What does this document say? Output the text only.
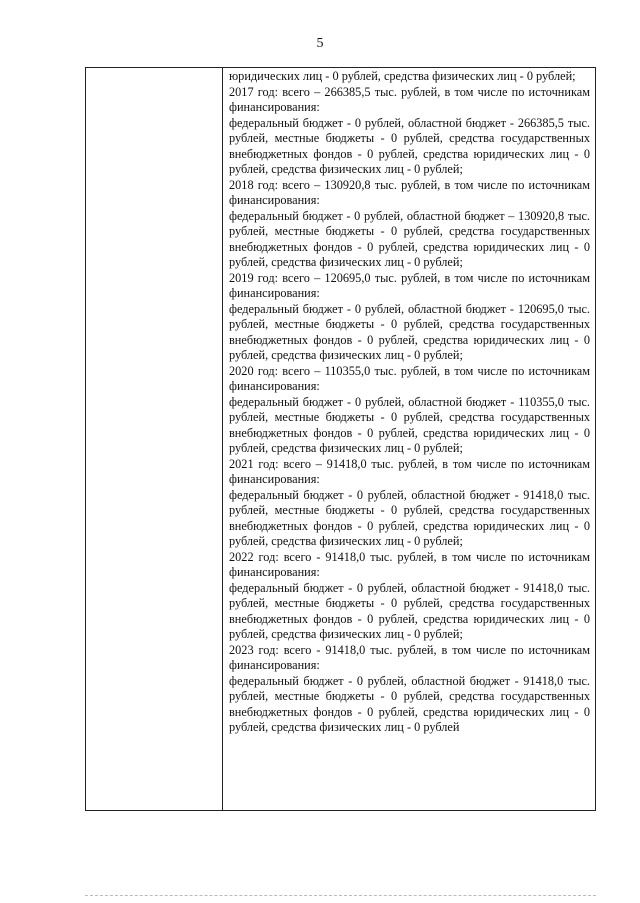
5

юридических лиц - 0 рублей, средства физических лиц - 0 рублей;

2017 год: всего – 266385,5 тыс. рублей, в том числе по источникам финансирования:

федеральный бюджет - 0 рублей, областной бюджет - 266385,5 тыс. рублей, местные бюджеты - 0 рублей, средства государственных внебюджетных фондов - 0 рублей, средства юридических лиц - 0 рублей, средства физических лиц - 0 рублей;

2018 год: всего – 130920,8 тыс. рублей, в том числе по источникам финансирования:

федеральный бюджет - 0 рублей, областной бюджет – 130920,8 тыс. рублей, местные бюджеты - 0 рублей, средства государственных внебюджетных фондов - 0 рублей, средства юридических лиц - 0 рублей, средства физических лиц - 0 рублей;

2019 год: всего – 120695,0 тыс. рублей, в том числе по источникам финансирования:

федеральный бюджет - 0 рублей, областной бюджет - 120695,0 тыс. рублей, местные бюджеты - 0 рублей, средства государственных внебюджетных фондов - 0 рублей, средства юридических лиц - 0 рублей, средства физических лиц - 0 рублей;

2020 год: всего – 110355,0 тыс. рублей, в том числе по источникам финансирования:

федеральный бюджет - 0 рублей, областной бюджет - 110355,0 тыс. рублей, местные бюджеты - 0 рублей, средства государственных внебюджетных фондов - 0 рублей, средства юридических лиц - 0 рублей, средства физических лиц - 0 рублей;

2021 год: всего – 91418,0 тыс. рублей, в том числе по источникам финансирования:

федеральный бюджет - 0 рублей, областной бюджет - 91418,0 тыс. рублей, местные бюджеты - 0 рублей, средства государственных внебюджетных фондов - 0 рублей, средства юридических лиц - 0 рублей, средства физических лиц - 0 рублей;

2022 год: всего - 91418,0 тыс. рублей, в том числе по источникам финансирования:

федеральный бюджет - 0 рублей, областной бюджет - 91418,0 тыс. рублей, местные бюджеты - 0 рублей, средства государственных внебюджетных фондов - 0 рублей, средства юридических лиц - 0 рублей, средства физических лиц - 0 рублей;

2023 год: всего - 91418,0 тыс. рублей, в том числе по источникам финансирования:

федеральный бюджет - 0 рублей, областной бюджет - 91418,0 тыс. рублей, местные бюджеты - 0 рублей, средства государственных внебюджетных фондов - 0 рублей, средства юридических лиц - 0 рублей, средства физических лиц - 0 рублей
